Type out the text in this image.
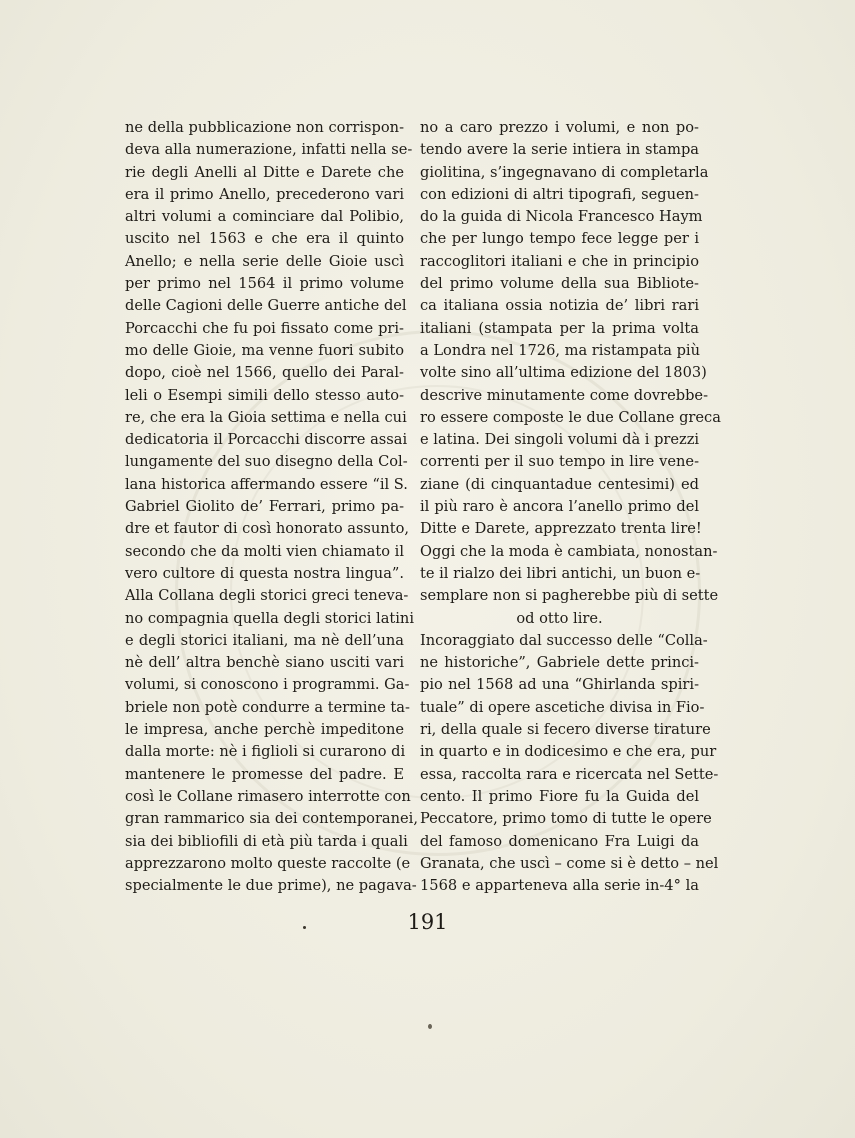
ne della pubblicazione non corrispon-
deva alla numerazione, infatti nella se-
rie degli Anelli al Ditte e Darete che
era il primo Anello, precederono vari
altri volumi a cominciare dal Polibio,
uscito nel 1563 e che era il quinto
Anello; e nella serie delle Gioie uscì
per primo nel 1564 il primo volume
delle Cagioni delle Guerre antiche del
Porcacchi che fu poi fissato come pri-
mo delle Gioie, ma venne fuori subito
dopo, cioè nel 1566, quello dei Paral-
leli o Esempi simili dello stesso auto-
re, che era la Gioia settima e nella cui
dedicatoria il Porcacchi discorre assai
lungamente del suo disegno della Col-
lana historica affermando essere “il S.
Gabriel Giolito de’ Ferrari, primo pa-
dre et fautor di così honorato assunto,
secondo che da molti vien chiamato il
vero cultore di questa nostra lingua”.
Alla Collana degli storici greci teneva-
no compagnia quella degli storici latini
e degli storici italiani, ma nè dell’una
nè dell’ altra benchè siano usciti vari
volumi, si conoscono i programmi. Ga-
briele non potè condurre a termine ta-
le impresa, anche perchè impeditone
dalla morte: nè i figlioli si curarono di
mantenere le promesse del padre. E
così le Collane rimasero interrotte con
gran rammarico sia dei contemporanei,
sia dei bibliofili di età più tarda i quali
apprezzarono molto queste raccolte (e
specialmente le due prime), ne pagava-
no a caro prezzo i volumi, e non po-
tendo avere la serie intiera in stampa
giolitina, s’ingegnavano di completarla
con edizioni di altri tipografi, seguen-
do la guida di Nicola Francesco Haym
che per lungo tempo fece legge per i
raccoglitori italiani e che in principio
del primo volume della sua Bibliote-
ca italiana ossia notizia de’ libri rari
italiani (stampata per la prima volta
a Londra nel 1726, ma ristampata più
volte sino all’ultima edizione del 1803)
descrive minutamente come dovrebbe-
ro essere composte le due Collane greca
e latina. Dei singoli volumi dà i prezzi
correnti per il suo tempo in lire vene-
ziane (di cinquantadue centesimi) ed
il più raro è ancora l’anello primo del
Ditte e Darete, apprezzato trenta lire!
Oggi che la moda è cambiata, nonostan-
te il rialzo dei libri antichi, un buon e-
semplare non si pagherebbe più di sette
od otto lire.
Incoraggiato dal successo delle “Colla-
ne historiche”, Gabriele dette princi-
pio nel 1568 ad una “Ghirlanda spiri-
tuale” di opere ascetiche divisa in Fio-
ri, della quale si fecero diverse tirature
in quarto e in dodicesimo e che era, pur
essa, raccolta rara e ricercata nel Sette-
cento. Il primo Fiore fu la Guida del
Peccatore, primo tomo di tutte le opere
del famoso domenicano Fra Luigi da
Granata, che uscì – come si è detto – nel
1568 e apparteneva alla serie in-4° la
191
